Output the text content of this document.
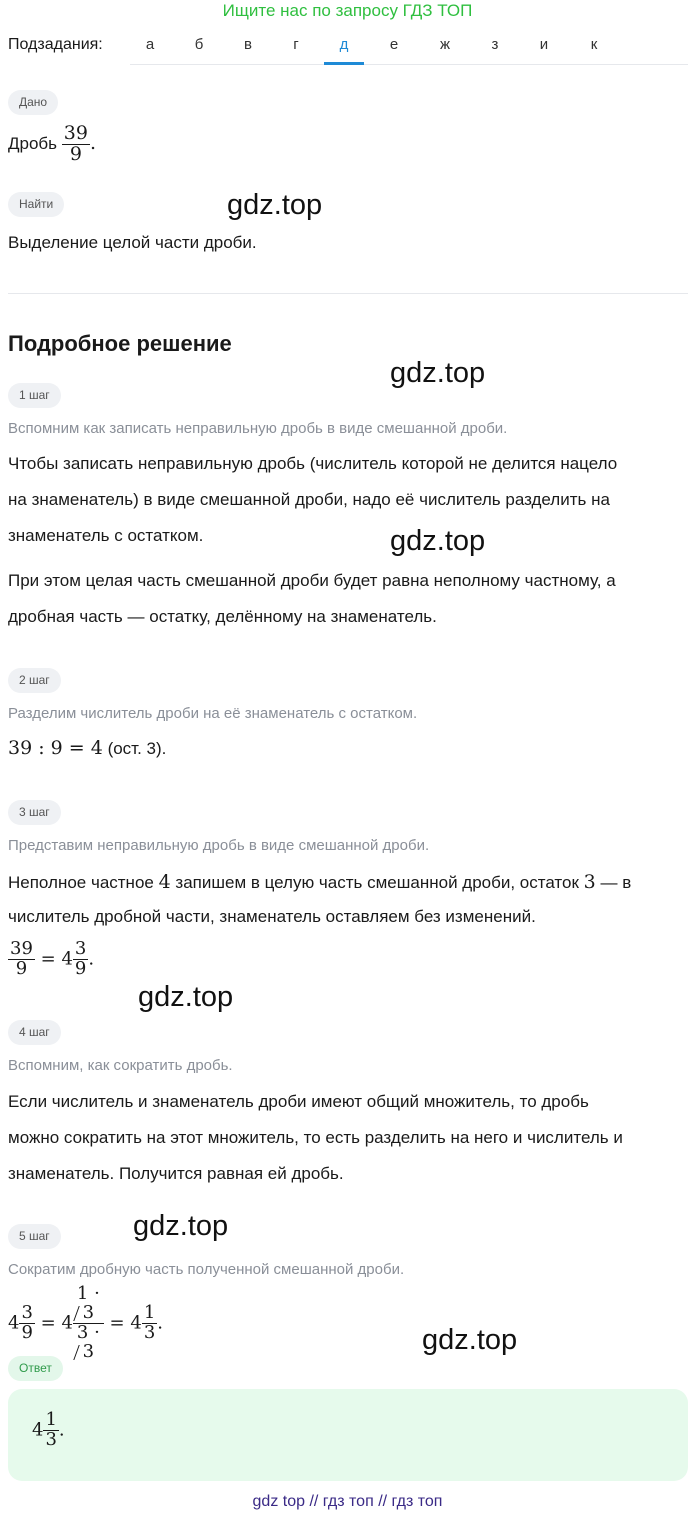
Ищите нас по запросу ГДЗ ТОП
Подзадания:	а	б	в	г	д	е	ж	з	и	к
Дано
Дробь $\frac{39}{9}$ .
Найти
Выделение целой части дроби.
gdz.top
gdz.top
gdz.top
gdz.top
gdz.top
gdz.top
Подробное решение
1 шаг
Вспомним как записать неправильную дробь в виде смешанной дроби.
Чтобы записать неправильную дробь (числитель которой не делится нацело
на знаменатель) в виде смешанной дроби, надо её числитель разделить на
знаменатель с остатком.
При этом целая часть смешанной дроби будет равна неполному частному, а
дробная часть — остатку, делённому на знаменатель.
2 шаг
Разделим числитель дроби на её знаменатель с остатком.
39 : 9 = 4 (ост. 3).
3 шаг
Представим неправильную дробь в виде смешанной дроби.
Неполное частное 4 запишем в целую часть смешанной дроби, остаток 3 — в
числитель дробной части, знаменатель оставляем без изменений.
$\frac{39}{9} = 4 \frac{3}{9}$ .
4 шаг
Вспомним, как сократить дробь.
Если числитель и знаменатель дроби имеют общий множитель, то дробь
можно сократить на этот множитель, то есть разделить на него и числитель и
знаменатель. Получится равная ей дробь.
5 шаг
Сократим дробную часть полученной смешанной дроби.
$4 \frac{3}{9} = 4$ 1 ·
3
3 ·
$3 = 4 \frac{1}{3}$ .
Ответ
$4 \frac{1}{3}$ .
gdz top // гдз топ // гдз топ
